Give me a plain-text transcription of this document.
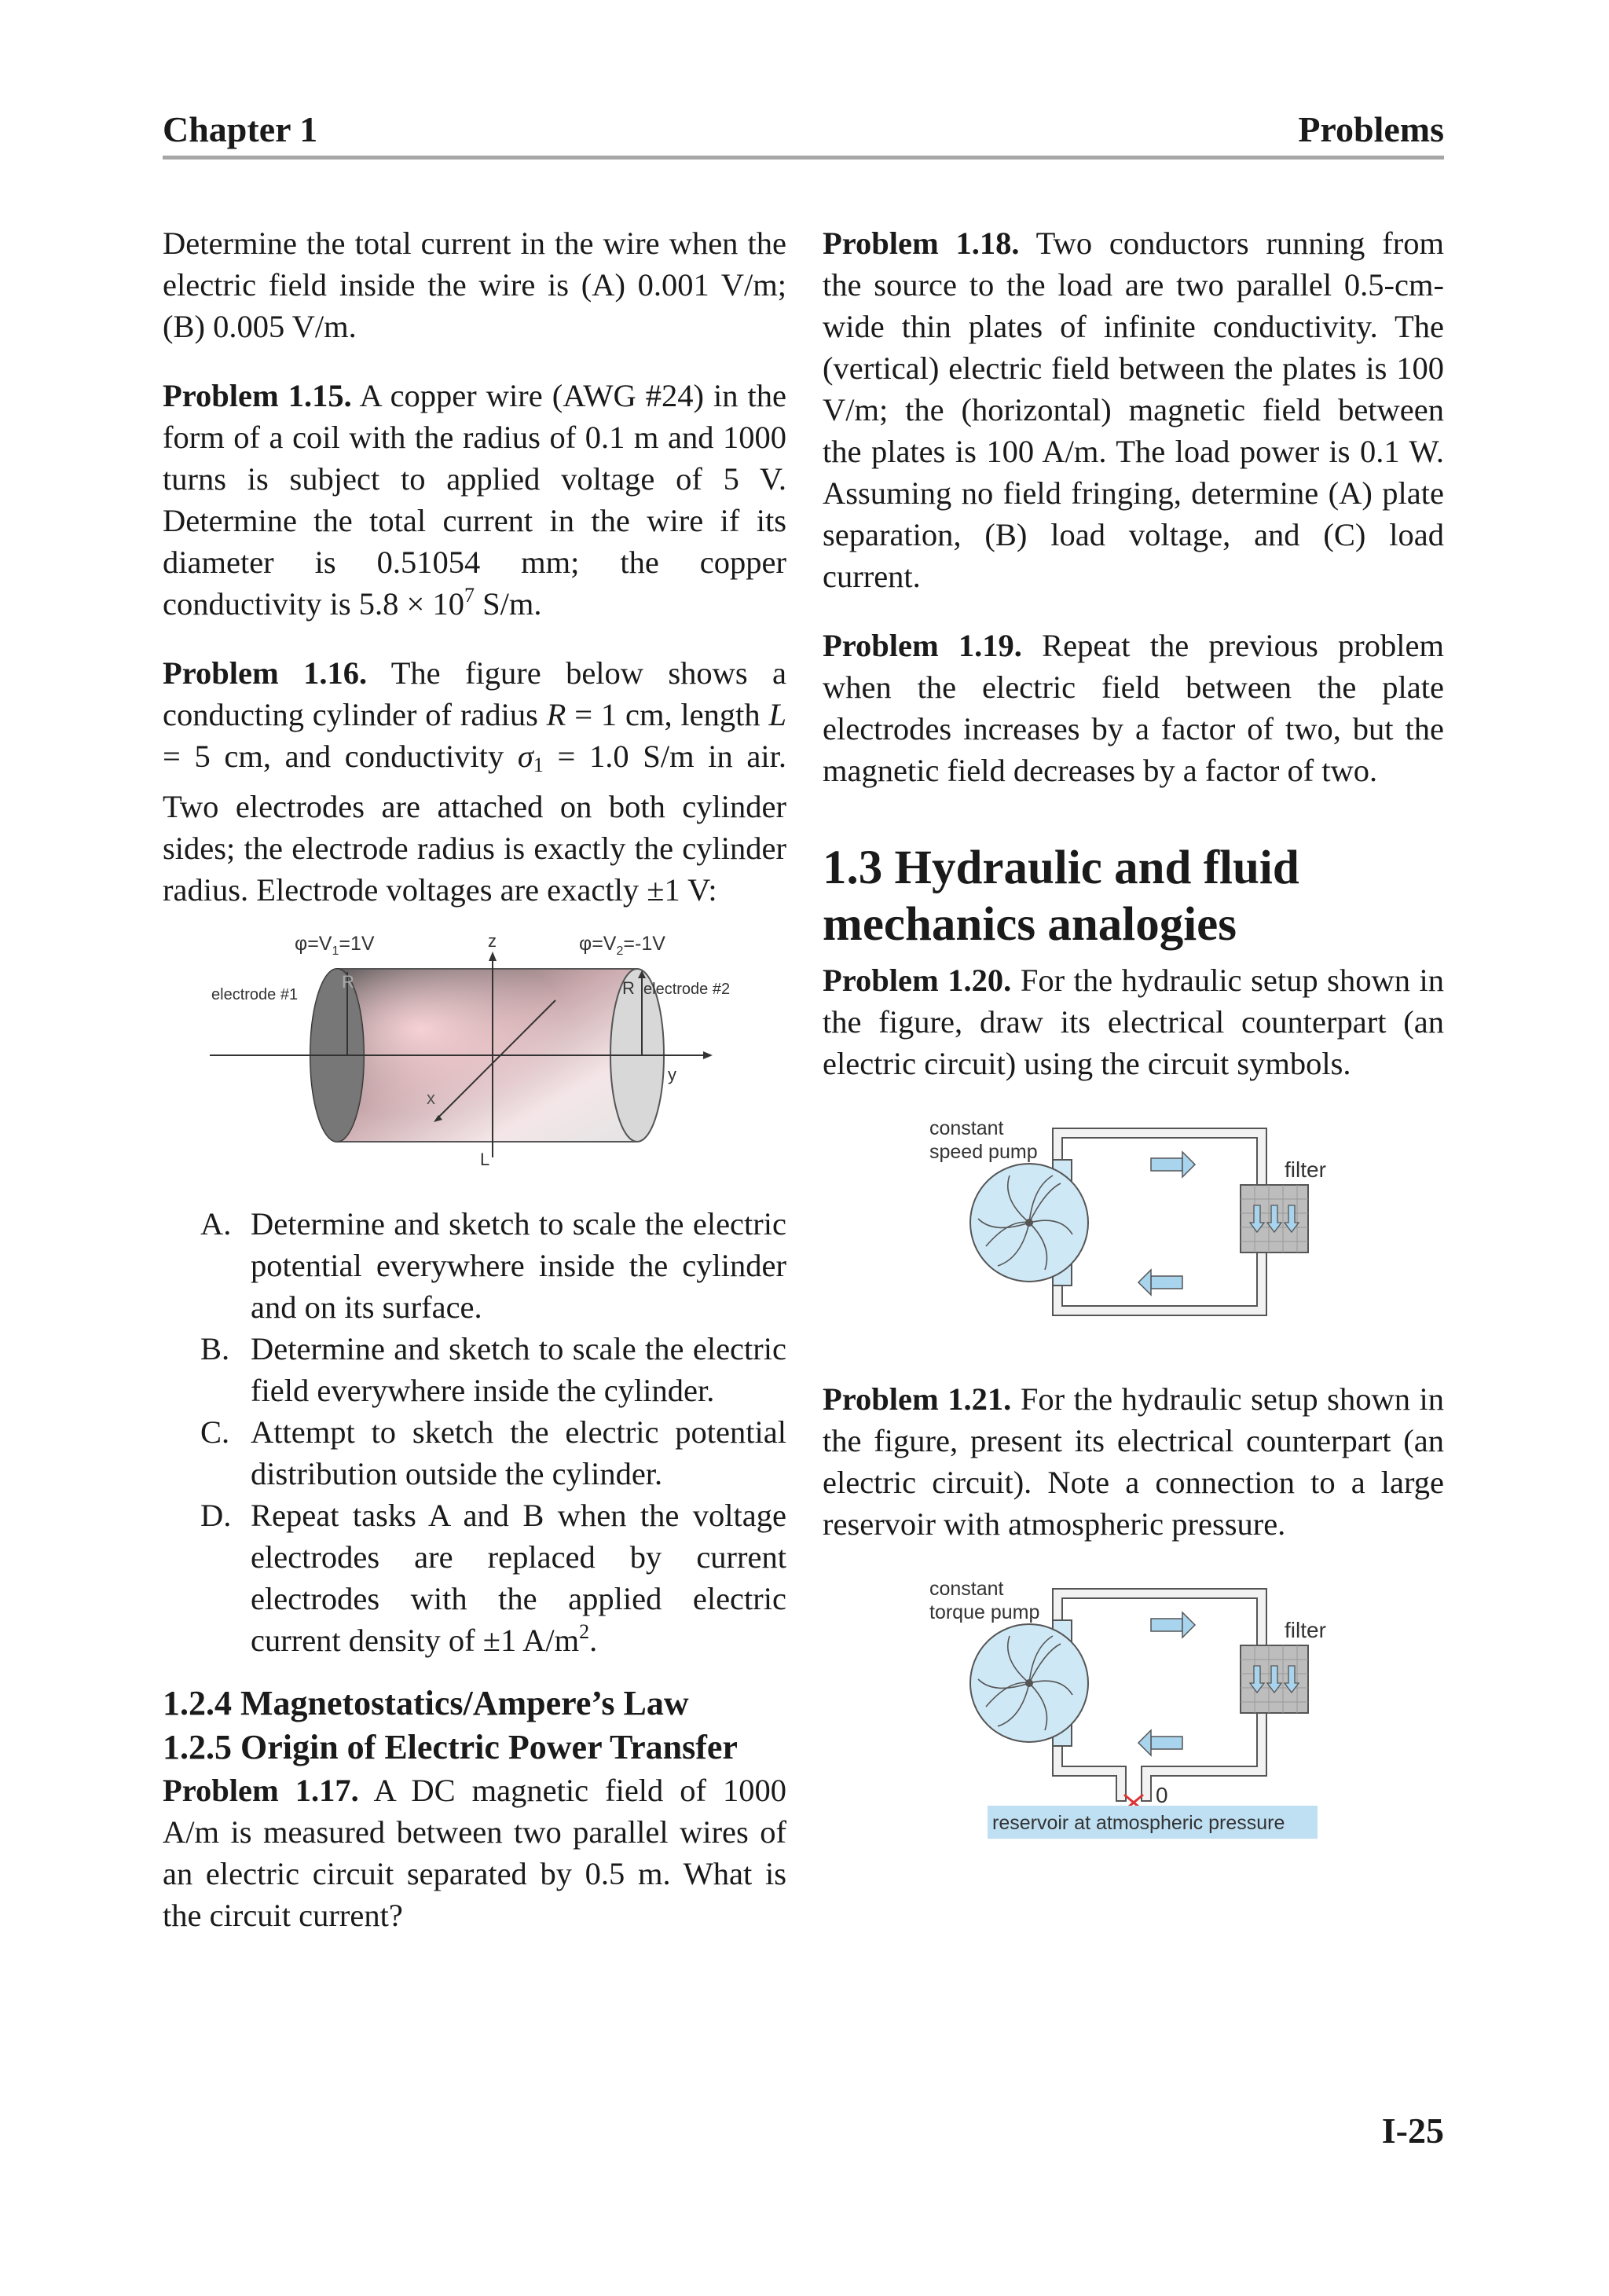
Chapter 1	Problems

Determine the total current in the wire when the electric field inside the wire is (A) 0.001 V/m; (B) 0.005 V/m.

Problem 1.15. A copper wire (AWG #24) in the form of a coil with the radius of 0.1 m and 1000 turns is subject to applied voltage of 5 V. Determine the total current in the wire if its diameter is 0.51054 mm; the copper conductivity is $5.8 \times 10^7$ S/m.

Problem 1.16. The figure below shows a conducting cylinder of radius R = 1 cm, length L = 5 cm, and conductivity σ1 = 1.0 S/m in air. Two electrodes are attached on both cylinder sides; the electrode radius is exactly the cylinder radius. Electrode voltages are exactly ±1 V:

$\varphi=V_1=1V$	$\varphi=V_2=-1V$
z
y
x
R	R
L
electrode #1	electrode #2
A. Determine and sketch to scale the electric potential everywhere inside the cylinder and on its surface.
B. Determine and sketch to scale the electric field everywhere inside the cylinder.
C. Attempt to sketch the electric potential distribution outside the cylinder.
D. Repeat tasks A and B when the voltage electrodes are replaced by current electrodes with the applied electric current density of ±1 $A/m^2$.
1.2.4 Magnetostatics/Ampere’s Law
1.2.5 Origin of Electric Power Transfer

Problem 1.17. A DC magnetic field of 1000 A/m is measured between two parallel wires of an electric circuit separated by 0.5 m. What is the circuit current?

Problem 1.18. Two conductors running from the source to the load are two parallel 0.5-cm-wide thin plates of infinite conductivity. The (vertical) electric field between the plates is 100 V/m; the (horizontal) magnetic field between the plates is 100 A/m. The load power is 0.1 W. Assuming no field fringing, determine (A) plate separation, (B) load voltage, and (C) load current.

Problem 1.19. Repeat the previous problem when the electric field between the plate electrodes increases by a factor of two, but the magnetic field decreases by a factor of two.

1.3 Hydraulic and fluid mechanics analogies

Problem 1.20. For the hydraulic setup shown in the figure, draw its electrical counterpart (an electric circuit) using the circuit symbols.

constant
speed pump
filter

Problem 1.21. For the hydraulic setup shown in the figure, present its electrical counterpart (an electric circuit). Note a connection to a large reservoir with atmospheric pressure.

constant
torque pump
filter
0
reservoir at atmospheric pressure
I-25
